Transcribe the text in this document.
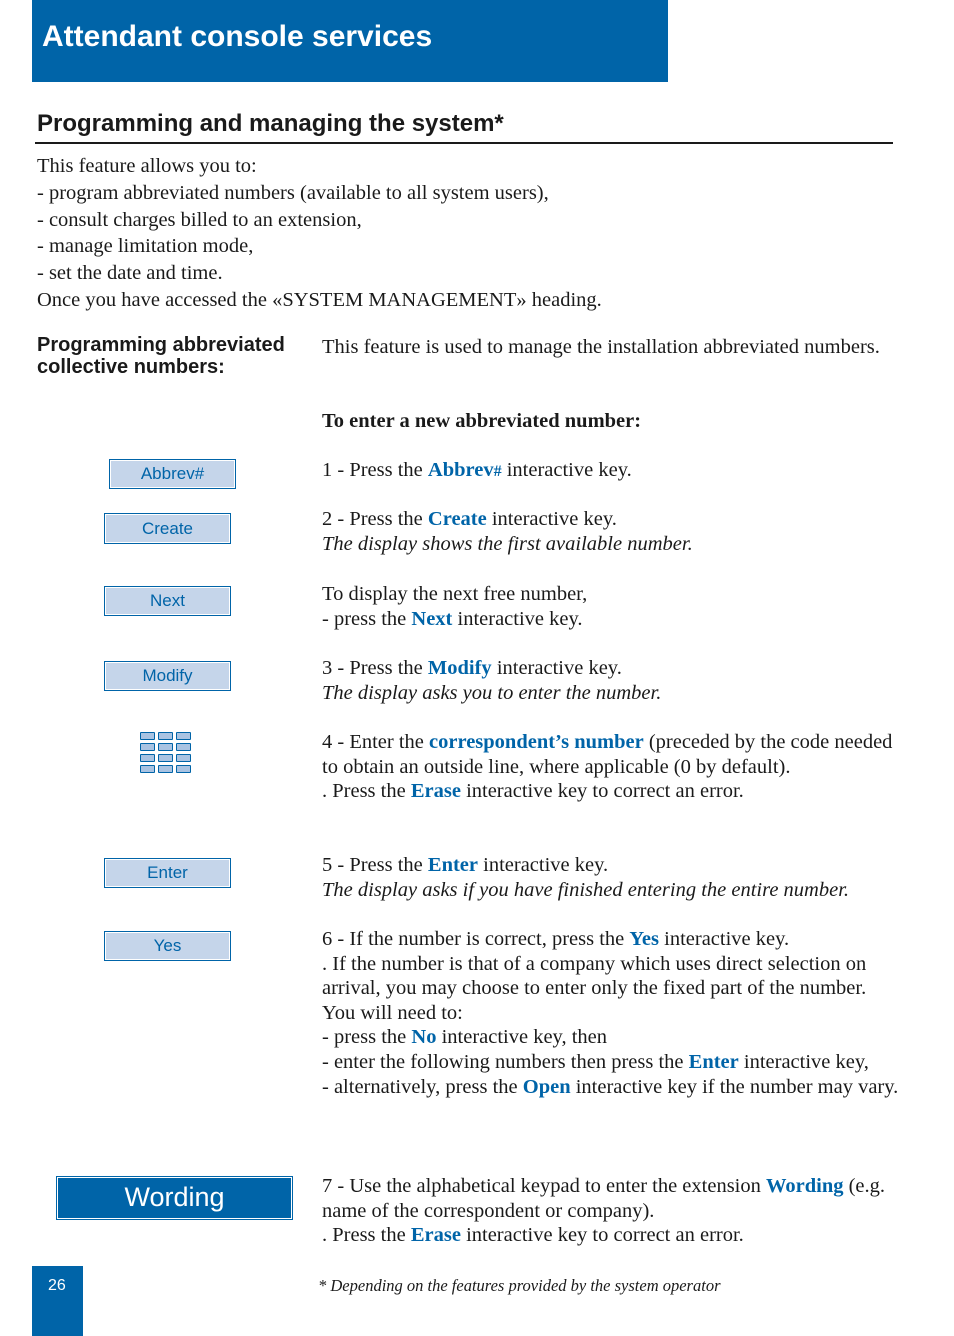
Attendant console services
Programming and managing the system*
This feature allows you to:
- program abbreviated numbers (available to all system users),
- consult charges billed to an extension,
- manage limitation mode,
- set the date and time.
Once you have accessed the «SYSTEM MANAGEMENT» heading.
Programming abbreviated
collective numbers:
This feature is used to manage the installation abbreviated numbers.
To enter a new abbreviated number:
1 - Press the Abbrev# interactive key.
2 - Press the Create interactive key.
The display shows the first available number.
To display the next free number,
- press the Next interactive key.
3 - Press the Modify interactive key.
The display asks you to enter the number.
4 - Enter the correspondent’s number (preceded by the code needed to obtain an outside line, where applicable (0 by default).
. Press the Erase interactive key to correct an error.
5 - Press the Enter interactive key.
The display asks if you have finished entering the entire number.
6 - If the number is correct, press the Yes interactive key.
. If the number is that of a company which uses direct selection on arrival, you may choose to enter only the fixed part of the number. You will need to:
- press the No interactive key, then
- enter the following numbers then press the Enter interactive key,
- alternatively, press the Open interactive key if the number may vary.
7 - Use the alphabetical keypad to enter the extension Wording (e.g. name of the correspondent or company).
. Press the Erase interactive key to correct an error.
Abbrev#
Create
Next
Modify
Enter
Yes
Wording
26	* Depending on the features provided by the system operator
